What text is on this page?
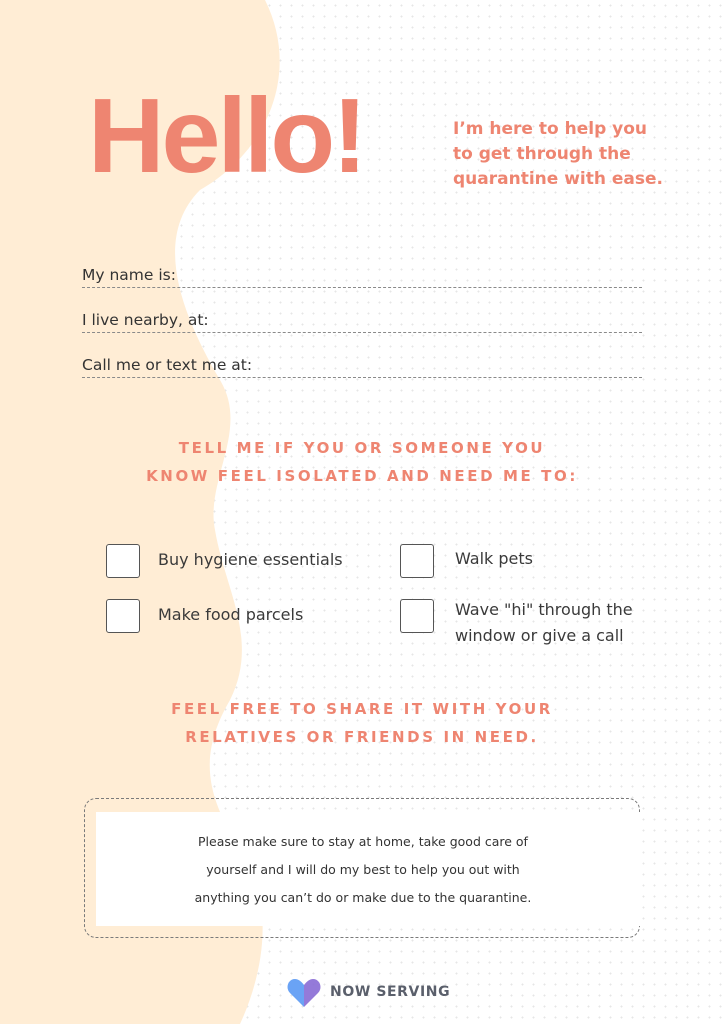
Hello!	I’m here to help you
to get through the
quarantine with ease.
My name is:
I live nearby, at:
Call me or text me at:
TELL ME IF YOU OR SOMEONE YOU
KNOW FEEL ISOLATED AND NEED ME TO:
Buy hygiene essentials	Walk pets
Make food parcels	Wave "hi" through the
window or give a call
FEEL FREE TO SHARE IT WITH YOUR
RELATIVES OR FRIENDS IN NEED.
Please make sure to stay at home, take good care of
yourself and I will do my best to help you out with
anything you can’t do or make due to the quarantine.
NOW SERVING
